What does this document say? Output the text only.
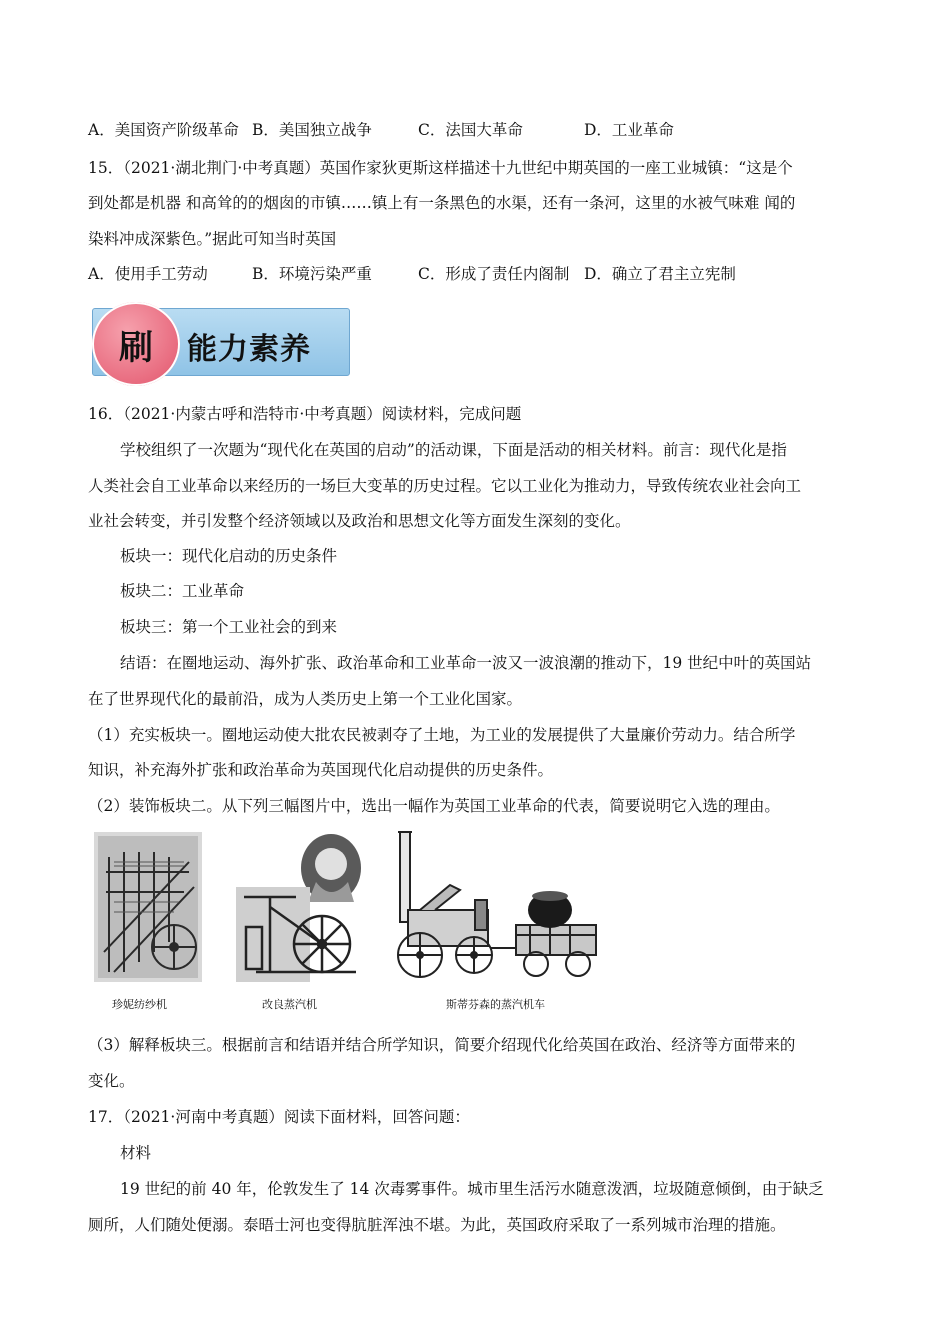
A．美国资产阶级革命 B．美国独立战争	C．法国大革命	D．工业革命
15．（2021·湖北荆门·中考真题）英国作家狄更斯这样描述十九世纪中期英国的一座工业城镇：“这是个
到处都是机器 和高耸的的烟囱的市镇……镇上有一条黑色的水渠，还有一条河，这里的水被气味难 闻的
染料冲成深紫色。”据此可知当时英国
A．使用手工劳动	B．环境污染严重	C．形成了责任内阁制 D．确立了君主立宪制
刷	能力素养
16．（2021·内蒙古呼和浩特市·中考真题）阅读材料，完成问题
学校组织了一次题为“现代化在英国的启动”的活动课，下面是活动的相关材料。前言：现代化是指
人类社会自工业革命以来经历的一场巨大变革的历史过程。它以工业化为推动力，导致传统农业社会向工
业社会转变，并引发整个经济领域以及政治和思想文化等方面发生深刻的变化。
板块一：现代化启动的历史条件
板块二：工业革命
板块三：第一个工业社会的到来
结语：在圈地运动、海外扩张、政治革命和工业革命一波又一波浪潮的推动下，19 世纪中叶的英国站
在了世界现代化的最前沿，成为人类历史上第一个工业化国家。
（1）充实板块一。圈地运动使大批农民被剥夺了土地，为工业的发展提供了大量廉价劳动力。结合所学
知识，补充海外扩张和政治革命为英国现代化启动提供的历史条件。
（2）装饰板块二。从下列三幅图片中，选出一幅作为英国工业革命的代表，简要说明它入选的理由。
珍妮纺纱机	改良蒸汽机	斯蒂芬森的蒸汽机车
（3）解释板块三。根据前言和结语并结合所学知识，简要介绍现代化给英国在政治、经济等方面带来的
变化。
17．（2021·河南中考真题）阅读下面材料，回答问题：
材料
19 世纪的前 40 年，伦敦发生了 14 次毒雾事件。城市里生活污水随意泼洒，垃圾随意倾倒，由于缺乏
厕所，人们随处便溺。泰晤士河也变得肮脏浑浊不堪。为此，英国政府采取了一系列城市治理的措施。
